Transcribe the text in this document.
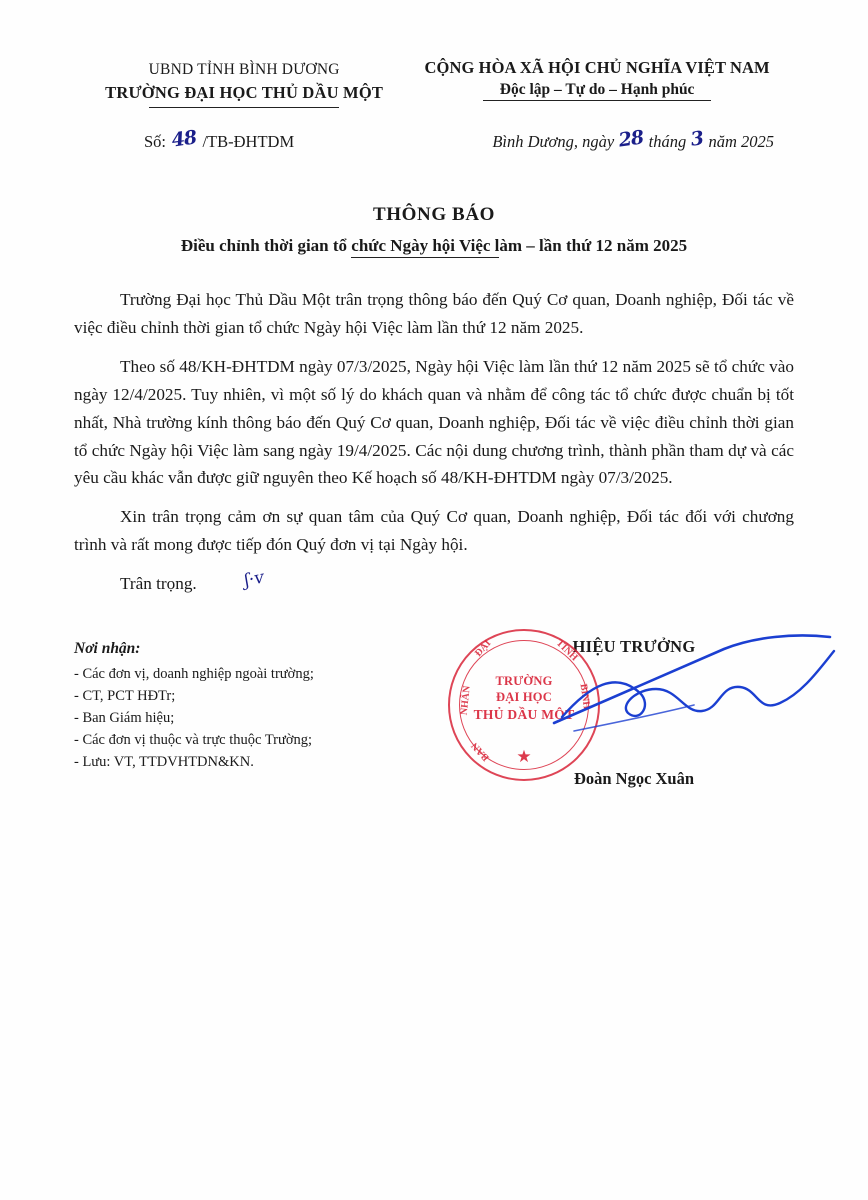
UBND TỈNH BÌNH DƯƠNG
TRƯỜNG ĐẠI HỌC THỦ DẦU MỘT
CỘNG HÒA XÃ HỘI CHỦ NGHĨA VIỆT NAM
Độc lập – Tự do – Hạnh phúc
Số: 48 /TB-ĐHTDM	Bình Dương, ngày 28 tháng 3 năm 2025
THÔNG BÁO
Điều chỉnh thời gian tổ chức Ngày hội Việc làm – lần thứ 12 năm 2025

Trường Đại học Thủ Dầu Một trân trọng thông báo đến Quý Cơ quan, Doanh nghiệp, Đối tác về việc điều chỉnh thời gian tổ chức Ngày hội Việc làm lần thứ 12 năm 2025.

Theo số 48/KH-ĐHTDM ngày 07/3/2025, Ngày hội Việc làm lần thứ 12 năm 2025 sẽ tổ chức vào ngày 12/4/2025. Tuy nhiên, vì một số lý do khách quan và nhằm để công tác tổ chức được chuẩn bị tốt nhất, Nhà trường kính thông báo đến Quý Cơ quan, Doanh nghiệp, Đối tác về việc điều chỉnh thời gian tổ chức Ngày hội Việc làm sang ngày 19/4/2025. Các nội dung chương trình, thành phần tham dự và các yêu cầu khác vẫn được giữ nguyên theo Kế hoạch số 48/KH-ĐHTDM ngày 07/3/2025.

Xin trân trọng cảm ơn sự quan tâm của Quý Cơ quan, Doanh nghiệp, Đối tác đối với chương trình và rất mong được tiếp đón Quý đơn vị tại Ngày hội.

Trân trọng.	ʃ·ᴠ

Nơi nhận:
- Các đơn vị, doanh nghiệp ngoài trường;
- CT, PCT HĐTr;
- Ban Giám hiệu;
- Các đơn vị thuộc và trực thuộc Trường;
- Lưu: VT, TTDVHTDN&KN.
HIỆU TRƯỞNG
ĐẠI	TỈNH
NHÂN	BÌNH
BAN
TRƯỜNG
ĐẠI HỌC
THỦ DẦU MỘT
★
Đoàn Ngọc Xuân
